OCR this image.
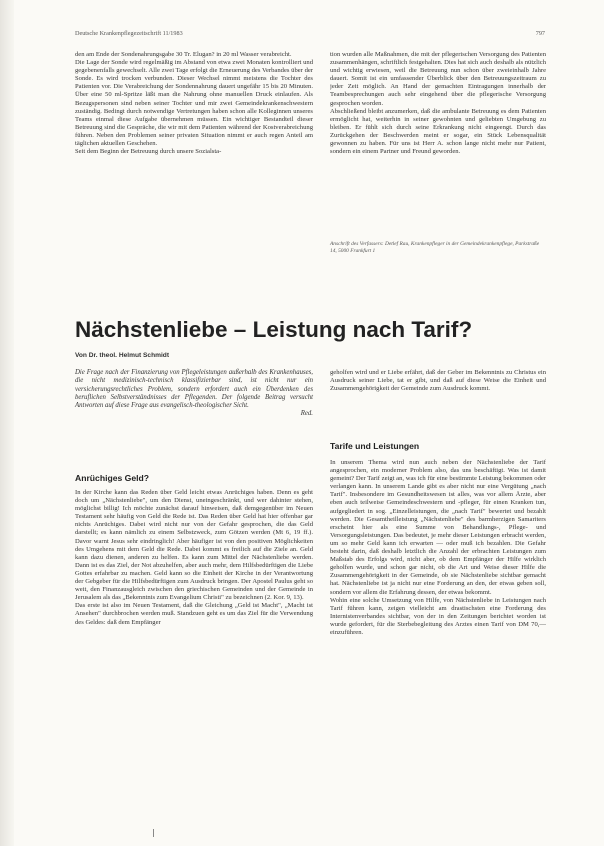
Deutsche Krankenpflegezeitschrift 11/1983	797

den am Ende der Sondenahrungsgabe 30 Tr. Elugan? in 20 ml Wasser verabreicht.

Die Lage der Sonde wird regelmäßig im Abstand von etwa zwei Monaten kontrolliert und gegebenenfalls gewechselt. Alle zwei Tage erfolgt die Erneuerung des Verbandes über der Sonde. Es wird trocken verbunden. Dieser Wechsel nimmt meistens die Tochter des Patienten vor. Die Verabreichung der Sondennahrung dauert ungefähr 15 bis 20 Minuten. Über eine 50 ml-Spritze läßt man die Nahrung ohne manuellen Druck einlaufen. Als Bezugspersonen sind neben seiner Tochter und mir zwei Gemeindekrankenschwestern zuständig. Bedingt durch notwendige Vertretungen haben schon alle Kolleginnen unseres Teams einmal diese Aufgabe übernehmen müssen. Ein wichtiger Bestandteil dieser Betreuung sind die Gespräche, die wir mit dem Patienten während der Kostverabreichung führen. Neben den Problemen seiner privaten Situation nimmt er auch regen Anteil am täglichen aktuellen Geschehen.

Seit dem Beginn der Betreuung durch unsere Sozialsta-

tion wurden alle Maßnahmen, die mit der pflegerischen Versorgung des Patienten zusammenhängen, schriftlich festgehalten. Dies hat sich auch deshalb als nützlich und wichtig erwiesen, weil die Betreuung nun schon über zweieinhalb Jahre dauert. Somit ist ein umfassender Überblick über den Betreuungszeitraum zu jeder Zeit möglich. An Hand der gemachten Eintragungen innerhalb der Teambesprechungen auch sehr eingehend über die pflegerische Versorgung gesprochen worden.

Abschließend bleibt anzumerken, daß die ambulante Betreuung es dem Patienten ermöglicht hat, weiterhin in seiner gewohnten und geliebten Umgebung zu bleiben. Er fühlt sich durch seine Erkrankung nicht eingeengt. Durch das Zurückgehen der Beschwerden meint er sogar, ein Stück Lebensqualität gewonnen zu haben. Für uns ist Herr A. schon lange nicht mehr nur Patient, sondern ein einem Partner und Freund geworden.

Anschrift des Verfassers: Detlef Rau, Krankenpfleger in der Gemeindekrankenpflege, Parkstraße 14, 5000 Frankfurt 1
Nächstenliebe – Leistung nach Tarif?
Von Dr. theol. Helmut Schmidt
Die Frage nach der Finanzierung von Pflegeleistungen außerhalb des Krankenhauses, die nicht medizinisch-technisch klassifizierbar sind, ist nicht nur ein versicherungsrechtliches Problem, sondern erfordert auch ein Überdenken des beruflichen Selbstverständnisses der Pflegenden. Der folgende Beitrag versucht Antworten auf diese Frage aus evangelisch-theologischer Sicht.
Red.
Anrüchiges Geld?

In der Kirche kann das Reden über Geld leicht etwas Anrüchiges haben. Denn es geht doch um „Nächstenliebe", um den Dienst, uneingeschränkt, und wer dahinter stehen, möglichst billig! Ich möchte zunächst darauf hinweisen, daß demgegenüber im Neuen Testament sehr häufig von Geld die Rede ist. Das Reden über Geld hat hier offenbar gar nichts Anrüchiges. Dabei wird nicht nur von der Gefahr gesprochen, die das Geld darstellt; es kann nämlich zu einem Selbstzweck, zum Götzen werden (Mt 6, 19 ff.). Davor warnt Jesus sehr eindringlich! Aber häufiger ist von den positiven Möglichkeiten des Umgehens mit dem Geld die Rede. Dabei kommt es freilich auf die Ziele an. Geld kann dazu dienen, anderen zu helfen. Es kann zum Mittel der Nächstenliebe werden. Dann ist es das Ziel, der Not abzuhelfen, aber auch mehr, dem Hilfsbedürftigen die Liebe Gottes erfahrbar zu machen. Geld kann so die Einheit der Kirche in der Verantwortung der Gebgeber für die Hilfsbedürftigen zum Ausdruck bringen. Der Apostel Paulus geht so weit, den Finanzausgleich zwischen den griechischen Gemeinden und der Gemeinde in Jerusalem als das „Bekenntnis zum Evangelium Christi" zu bezeichnen (2. Kor. 9, 13).

Das erste ist also im Neuen Testament, daß die Gleichung „Geld ist Macht", „Macht ist Ansehen" durchbrochen werden muß. Standzuen geht es um das Ziel für die Verwendung des Geldes: daß dem Empfänger

geholfen wird und er Liebe erfährt, daß der Geber im Bekenntnis zu Christus ein Ausdruck seiner Liebe, tat er gibt, und daß auf diese Weise die Einheit und Zusammengehörigkeit der Gemeinde zum Ausdruck kommt.

Tarife und Leistungen

In unserem Thema wird nun auch neben der Nächstenliebe der Tarif angesprochen, ein moderner Problem also, das uns beschäftigt. Was ist damit gemeint? Der Tarif zeigt an, was ich für eine bestimmte Leistung bekommen oder verlangen kann. In unserem Lande gibt es aber nicht nur eine Vergütung „nach Tarif". Insbesondere im Gesundheitswesen ist alles, was vor allem Ärzte, aber eben auch teilweise Gemeindeschwestern und -pfleger, für einen Kranken tun, aufgegliedert in sog. „Einzelleistungen, die „nach Tarif" bewertet und bezahlt werden. Die Gesamtheilleistung „Nächstenliebe" des barmherzigen Samariters erscheint hier als eine Summe von Behandlungs-, Pflege- und Versorgungsleistungen. Das bedeutet, je mehr dieser Leistungen erbracht werden, um so mehr Geld kann ich erwarten — oder muß ich bezahlen. Die Gefahr besteht darin, daß deshalb letztlich die Anzahl der erbrachten Leistungen zum Maßstab des Erfolgs wird, nicht aber, ob dem Empfänger der Hilfe wirklich geholfen wurde, und schon gar nicht, ob die Art und Weise dieser Hilfe die Zusammengehörigkeit in der Gemeinde, ob sie Nächstenliebe sichtbar gemacht hat. Nächstenliebe ist ja nicht nur eine Forderung an den, der etwas geben soll, sondern vor allem die Erfahrung dessen, der etwas bekommt.

Wohin eine solche Umsetzung von Hilfe, von Nächstenliebe in Leistungen nach Tarif führen kann, zeigen vielleicht am drastischsten eine Forderung des Internistenverbandes sichtbar, von der in den Zeitungen berichtet worden ist wurde gefordert, für die Sterbebegleitung des Arztes einen Tarif von DM 70,— einzuführen.
